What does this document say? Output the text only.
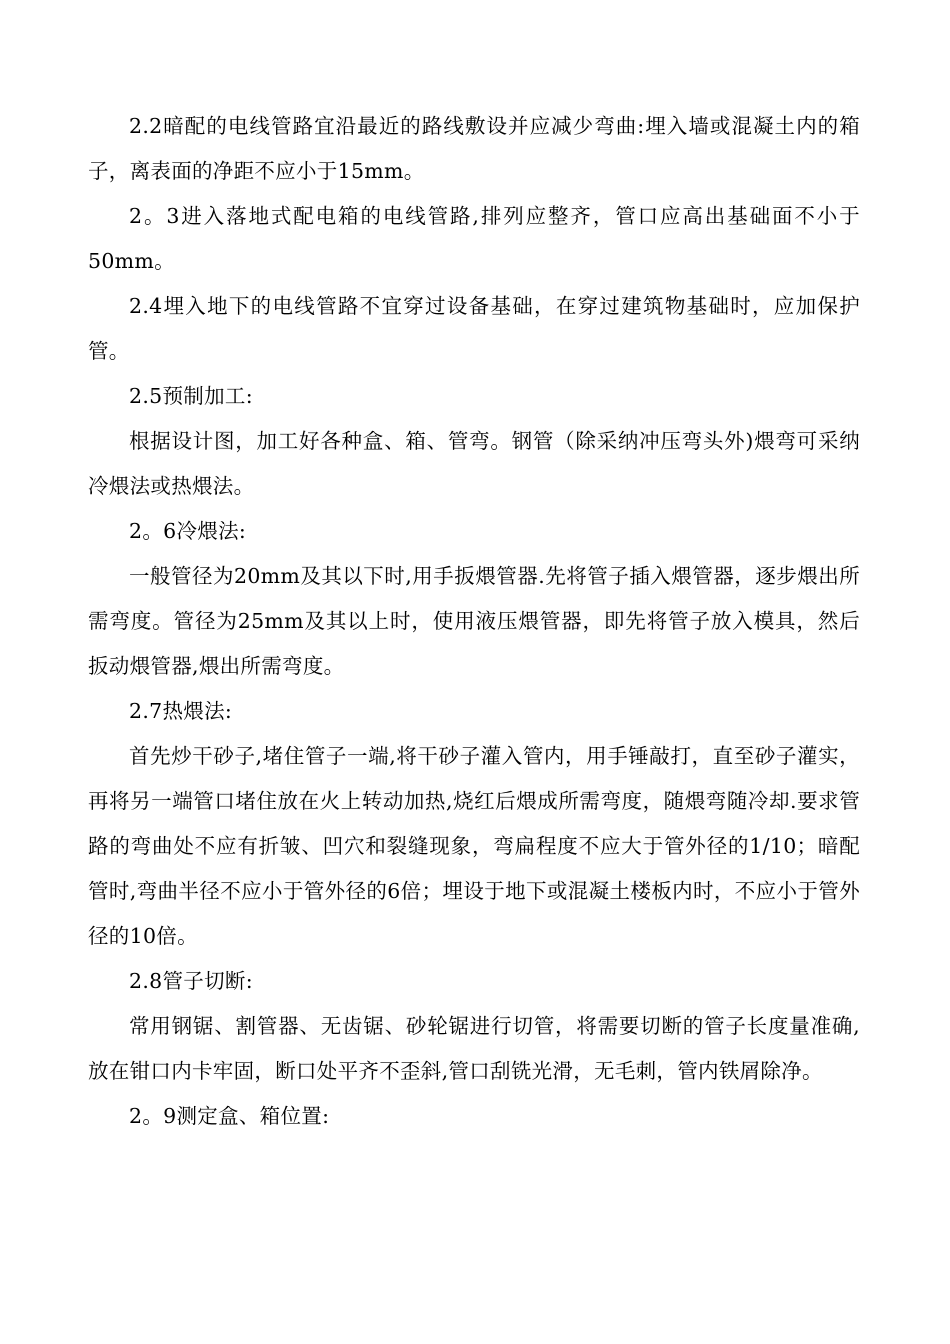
2.2暗配的电线管路宜沿最近的路线敷设并应减少弯曲:埋入墙或混凝土内的箱子，离表面的净距不应小于15mm。

2。3进入落地式配电箱的电线管路,排列应整齐，管口应高出基础面不小于50mm。

2.4埋入地下的电线管路不宜穿过设备基础，在穿过建筑物基础时，应加保护管。

2.5预制加工:

根据设计图，加工好各种盒、箱、管弯。钢管（除采纳冲压弯头外)煨弯可采纳冷煨法或热煨法。

2。6冷煨法:

一般管径为20mm及其以下时,用手扳煨管器.先将管子插入煨管器，逐步煨出所需弯度。管径为25mm及其以上时，使用液压煨管器，即先将管子放入模具，然后扳动煨管器,煨出所需弯度。

2.7热煨法:

首先炒干砂子,堵住管子一端,将干砂子灌入管内，用手锤敲打，直至砂子灌实，再将另一端管口堵住放在火上转动加热,烧红后煨成所需弯度，随煨弯随冷却.要求管路的弯曲处不应有折皱、凹穴和裂缝现象，弯扁程度不应大于管外径的1/10；暗配管时,弯曲半径不应小于管外径的6倍；埋设于地下或混凝土楼板内时，不应小于管外径的10倍。

2.8管子切断:

常用钢锯、割管器、无齿锯、砂轮锯进行切管，将需要切断的管子长度量准确,放在钳口内卡牢固，断口处平齐不歪斜,管口刮铣光滑，无毛刺，管内铁屑除净。

2。9测定盒、箱位置:
